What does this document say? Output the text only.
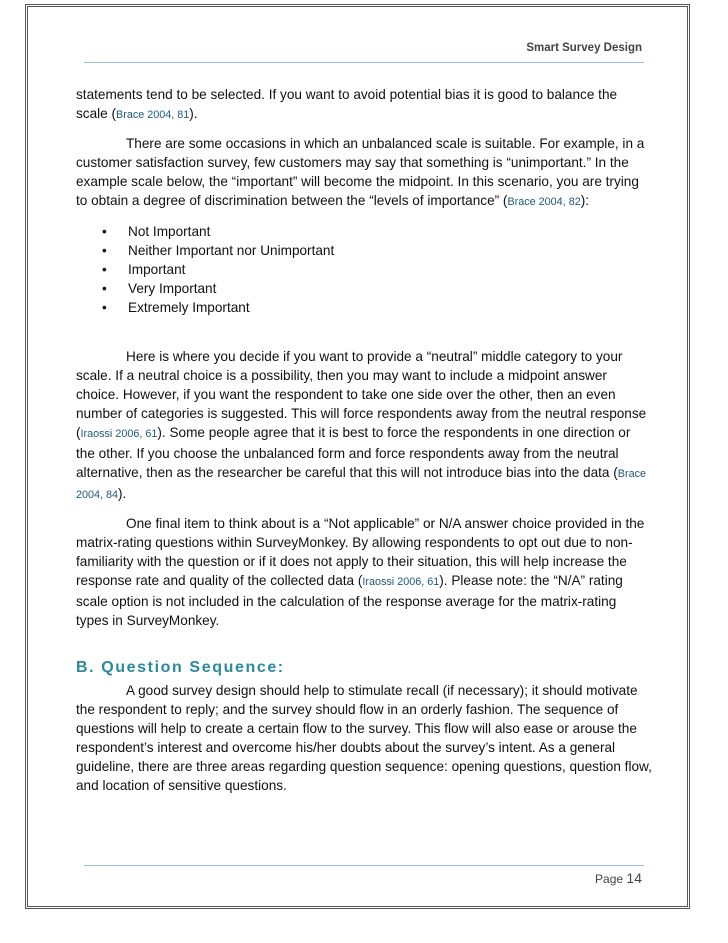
Smart Survey Design

statements tend to be selected. If you want to avoid potential bias it is good to balance the scale (Brace 2004, 81).

There are some occasions in which an unbalanced scale is suitable. For example, in a customer satisfaction survey, few customers may say that something is “unimportant.” In the example scale below, the “important” will become the midpoint. In this scenario, you are trying to obtain a degree of discrimination between the “levels of importance” (Brace 2004, 82):

• Not Important
• Neither Important nor Unimportant
• Important
• Very Important
• Extremely Important

Here is where you decide if you want to provide a “neutral” middle category to your scale. If a neutral choice is a possibility, then you may want to include a midpoint answer choice. However, if you want the respondent to take one side over the other, then an even number of categories is suggested. This will force respondents away from the neutral response (Iraossi 2006, 61). Some people agree that it is best to force the respondents in one direction or the other. If you choose the unbalanced form and force respondents away from the neutral alternative, then as the researcher be careful that this will not introduce bias into the data (Brace 2004, 84).

One final item to think about is a “Not applicable” or N/A answer choice provided in the matrix-rating questions within SurveyMonkey. By allowing respondents to opt out due to non-familiarity with the question or if it does not apply to their situation, this will help increase the response rate and quality of the collected data (Iraossi 2006, 61). Please note: the “N/A” rating scale option is not included in the calculation of the response average for the matrix-rating types in SurveyMonkey.

B. Question Sequence:

A good survey design should help to stimulate recall (if necessary); it should motivate the respondent to reply; and the survey should flow in an orderly fashion. The sequence of questions will help to create a certain flow to the survey. This flow will also ease or arouse the respondent’s interest and overcome his/her doubts about the survey’s intent. As a general guideline, there are three areas regarding question sequence: opening questions, question flow, and location of sensitive questions.

Page 14
